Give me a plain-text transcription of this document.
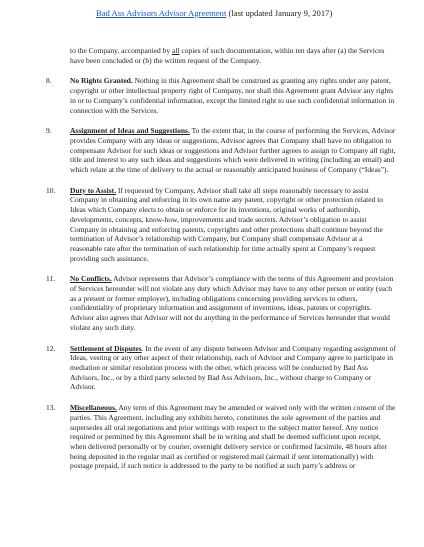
Bad Ass Advisors Advisor Agreement (last updated January 9, 2017)
to the Company, accompanied by all copies of such documentation, within ten days after (a) the Services have been concluded or (b) the written request of the Company.
8.	No Rights Granted. Nothing in this Agreement shall be construed as granting any rights under any patent, copyright or other intellectual property right of Company, nor shall this Agreement grant Advisor any rights in or to Company’s confidential information, except the limited right to use such confidential information in connection with the Services.
9.	Assignment of Ideas and Suggestions. To the extent that, in the course of performing the Services, Advisor provides Company with any ideas or suggestions, Advisor agrees that Company shall have no obligation to compensate Advisor for such ideas or suggestions and Advisor further agrees to assign to Company all right, title and interest to any such ideas and suggestions which were delivered in writing (including an email) and which relate at the time of delivery to the actual or reasonably anticipated business of Company (“Ideas”).
10.	Duty to Assist. If requested by Company, Advisor shall take all steps reasonably necessary to assist Company in obtaining and enforcing in its own name any patent, copyright or other protection related to Ideas which Company elects to obtain or enforce for its inventions, original works of authorship, developments, concepts, know-how, improvements and trade secrets. Advisor’s obligation to assist Company in obtaining and enforcing patents, copyrights and other protections shall continue beyond the termination of Advisor’s relationship with Company, but Company shall compensate Advisor at a reasonable rate after the termination of such relationship for time actually spent at Company’s request providing such assistance.
11.	No Conflicts. Advisor represents that Advisor’s compliance with the terms of this Agreement and provision of Services hereunder will not violate any duty which Advisor may have to any other person or entity (such as a present or former employer), including obligations concerning providing services to others, confidentiality of proprietary information and assignment of inventions, ideas, patents or copyrights. Advisor also agrees that Advisor will not do anything in the performance of Services hereunder that would violate any such duty.
12.	Settlement of Disputes. In the event of any dispute between Advisor and Company regarding assignment of Ideas, vesting or any other aspect of their relationship, each of Advisor and Company agree to participate in mediation or similar resolution process with the other, which process will be conducted by Bad Ass Advisors, Inc., or by a third party selected by Bad Ass Advisors, Inc., without charge to Company or Advisor.
13.	Miscellaneous. Any term of this Agreement may be amended or waived only with the written consent of the parties. This Agreement, including any exhibits hereto, constitutes the sole agreement of the parties and supersedes all oral negotiations and prior writings with respect to the subject matter hereof. Any notice required or permitted by this Agreement shall be in writing and shall be deemed sufficient upon receipt, when delivered personally or by courier, overnight delivery service or confirmed facsimile, 48 hours after being deposited in the regular mail as certified or registered mail (airmail if sent internationally) with postage prepaid, if such notice is addressed to the party to be notified at such party’s address or
